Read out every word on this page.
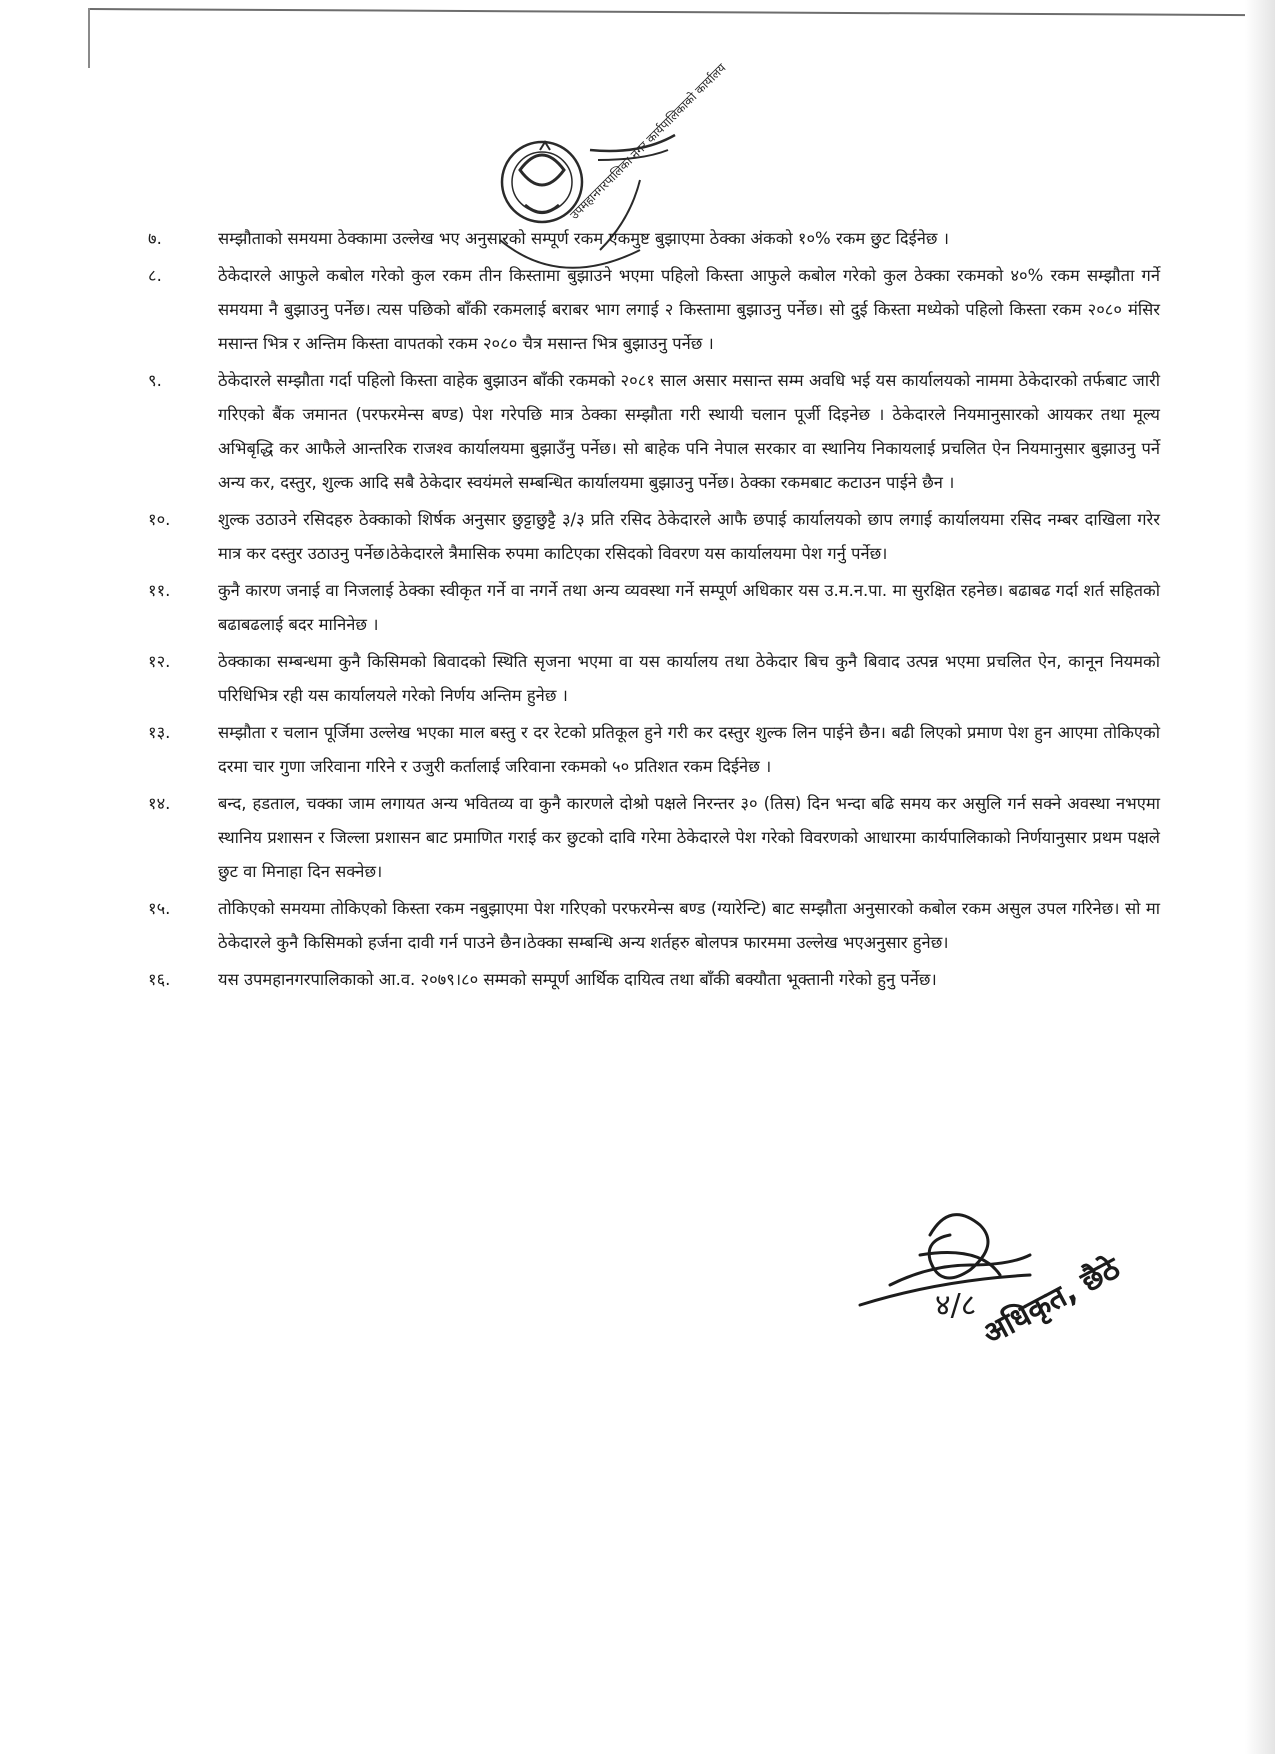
उपमहानगरपालिका नगर कार्यपालिकाको कार्यालय
७.	सम्झौताको समयमा ठेक्कामा उल्लेख भए अनुसारको सम्पूर्ण रकम एकमुष्ट बुझाएमा ठेक्का अंकको १०% रकम छुट दिईनेछ ।
८.	ठेकेदारले आफुले कबोल गरेको कुल रकम तीन किस्तामा बुझाउने भएमा पहिलो किस्ता आफुले कबोल गरेको कुल ठेक्का रकमको ४०% रकम सम्झौता गर्ने समयमा नै बुझाउनु पर्नेछ। त्यस पछिको बाँकी रकमलाई बराबर भाग लगाई २ किस्तामा बुझाउनु पर्नेछ। सो दुई किस्ता मध्येको पहिलो किस्ता रकम २०८० मंसिर मसान्त भित्र र अन्तिम किस्ता वापतको रकम २०८० चैत्र मसान्त भित्र बुझाउनु पर्नेछ ।
९.	ठेकेदारले सम्झौता गर्दा पहिलो किस्ता वाहेक बुझाउन बाँकी रकमको २०८१ साल असार मसान्त सम्म अवधि भई यस कार्यालयको नाममा ठेकेदारको तर्फबाट जारी गरिएको बैंक जमानत (परफरमेन्स बण्ड) पेश गरेपछि मात्र ठेक्का सम्झौता गरी स्थायी चलान पूर्जी दिइनेछ । ठेकेदारले नियमानुसारको आयकर तथा मूल्य अभिबृद्धि कर आफैले आन्तरिक राजश्व कार्यालयमा बुझाउँनु पर्नेछ। सो बाहेक पनि नेपाल सरकार वा स्थानिय निकायलाई प्रचलित ऐन नियमानुसार बुझाउनु पर्ने अन्य कर, दस्तुर, शुल्क आदि सबै ठेकेदार स्वयंमले सम्बन्धित कार्यालयमा बुझाउनु पर्नेछ। ठेक्का रकमबाट कटाउन पाईने छैन ।
१०.	शुल्क उठाउने रसिदहरु ठेक्काको शिर्षक अनुसार छुट्टाछुट्टै ३/३ प्रति रसिद ठेकेदारले आफै छपाई कार्यालयको छाप लगाई कार्यालयमा रसिद नम्बर दाखिला गरेर मात्र कर दस्तुर उठाउनु पर्नेछ।ठेकेदारले त्रैमासिक रुपमा काटिएका रसिदको विवरण यस कार्यालयमा पेश गर्नु पर्नेछ।
११.	कुनै कारण जनाई वा निजलाई ठेक्का स्वीकृत गर्ने वा नगर्ने तथा अन्य व्यवस्था गर्ने सम्पूर्ण अधिकार यस उ.म.न.पा. मा सुरक्षित रहनेछ। बढाबढ गर्दा शर्त सहितको बढाबढलाई बदर मानिनेछ ।
१२.	ठेक्काका सम्बन्धमा कुनै किसिमको बिवादको स्थिति सृजना भएमा वा यस कार्यालय तथा ठेकेदार बिच कुनै बिवाद उत्पन्न भएमा प्रचलित ऐन, कानून नियमको परिधिभित्र रही यस कार्यालयले गरेको निर्णय अन्तिम हुनेछ ।
१३.	सम्झौता र चलान पूर्जिमा उल्लेख भएका माल बस्तु र दर रेटको प्रतिकूल हुने गरी कर दस्तुर शुल्क लिन पाईने छैन। बढी लिएको प्रमाण पेश हुन आएमा तोकिएको दरमा चार गुणा जरिवाना गरिने र उजुरी कर्तालाई जरिवाना रकमको ५० प्रतिशत रकम दिईनेछ ।
१४.	बन्द, हडताल, चक्का जाम लगायत अन्य भवितव्य वा कुनै कारणले दोश्रो पक्षले निरन्तर ३० (तिस) दिन भन्दा बढि समय कर असुलि गर्न सक्ने अवस्था नभएमा स्थानिय प्रशासन र जिल्ला प्रशासन बाट प्रमाणित गराई कर छुटको दावि गरेमा ठेकेदारले पेश गरेको विवरणको आधारमा कार्यपालिकाको निर्णयानुसार प्रथम पक्षले छुट वा मिनाहा दिन सक्नेछ।
१५.	तोकिएको समयमा तोकिएको किस्ता रकम नबुझाएमा पेश गरिएको परफरमेन्स बण्ड (ग्यारेन्टि) बाट सम्झौता अनुसारको कबोल रकम असुल उपल गरिनेछ। सो मा ठेकेदारले कुनै किसिमको हर्जना दावी गर्न पाउने छैन।ठेक्का सम्बन्धि अन्य शर्तहरु बोलपत्र फारममा उल्लेख भएअनुसार हुनेछ।
१६.	यस उपमहानगरपालिकाको आ.व. २०७९।८० सम्मको सम्पूर्ण आर्थिक दायित्व तथा बाँकी बक्यौता भूक्तानी गरेको हुनु पर्नेछ।
४/८ अधिकृत, छैठे
